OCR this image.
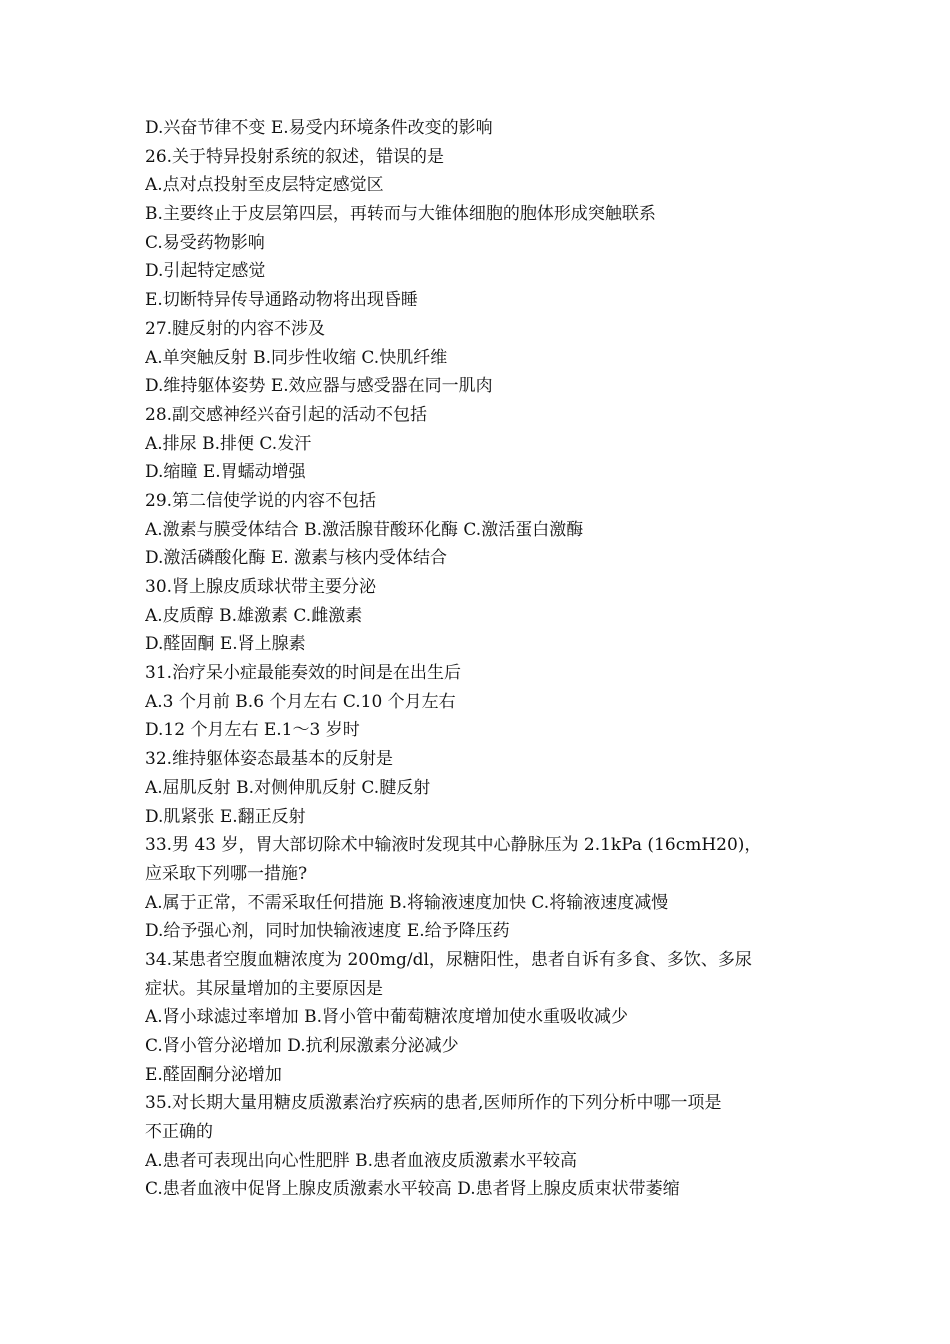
D.兴奋节律不变 E.易受内环境条件改变的影响
26.关于特异投射系统的叙述，错误的是
A.点对点投射至皮层特定感觉区
B.主要终止于皮层第四层，再转而与大锥体细胞的胞体形成突触联系
C.易受药物影响
D.引起特定感觉
E.切断特异传导通路动物将出现昏睡
27.腱反射的内容不涉及
A.单突触反射 B.同步性收缩 C.快肌纤维
D.维持躯体姿势 E.效应器与感受器在同一肌肉
28.副交感神经兴奋引起的活动不包括
A.排尿 B.排便 C.发汗
D.缩瞳 E.胃蠕动增强
29.第二信使学说的内容不包括
A.激素与膜受体结合 B.激活腺苷酸环化酶 C.激活蛋白激酶
D.激活磷酸化酶 E. 激素与核内受体结合
30.肾上腺皮质球状带主要分泌
A.皮质醇 B.雄激素 C.雌激素
D.醛固酮 E.肾上腺素
31.治疗呆小症最能奏效的时间是在出生后
A.3 个月前 B.6 个月左右 C.10 个月左右
D.12 个月左右 E.1～3 岁时
32.维持躯体姿态最基本的反射是
A.屈肌反射 B.对侧伸肌反射 C.腱反射
D.肌紧张 E.翻正反射
33.男 43 岁，胃大部切除术中输液时发现其中心静脉压为 2.1kPa (16cmH20)，
应采取下列哪一措施?
A.属于正常，不需采取任何措施 B.将输液速度加快 C.将输液速度减慢
D.给予强心剂，同时加快输液速度 E.给予降压药
34.某患者空腹血糖浓度为 200mg/dl，尿糖阳性，患者自诉有多食、多饮、多尿
症状。其尿量增加的主要原因是
A.肾小球滤过率增加 B.肾小管中葡萄糖浓度增加使水重吸收减少
C.肾小管分泌增加 D.抗利尿激素分泌减少
E.醛固酮分泌增加
35.对长期大量用糖皮质激素治疗疾病的患者,医师所作的下列分析中哪一项是
不正确的
A.患者可表现出向心性肥胖 B.患者血液皮质激素水平较高
C.患者血液中促肾上腺皮质激素水平较高 D.患者肾上腺皮质束状带萎缩
